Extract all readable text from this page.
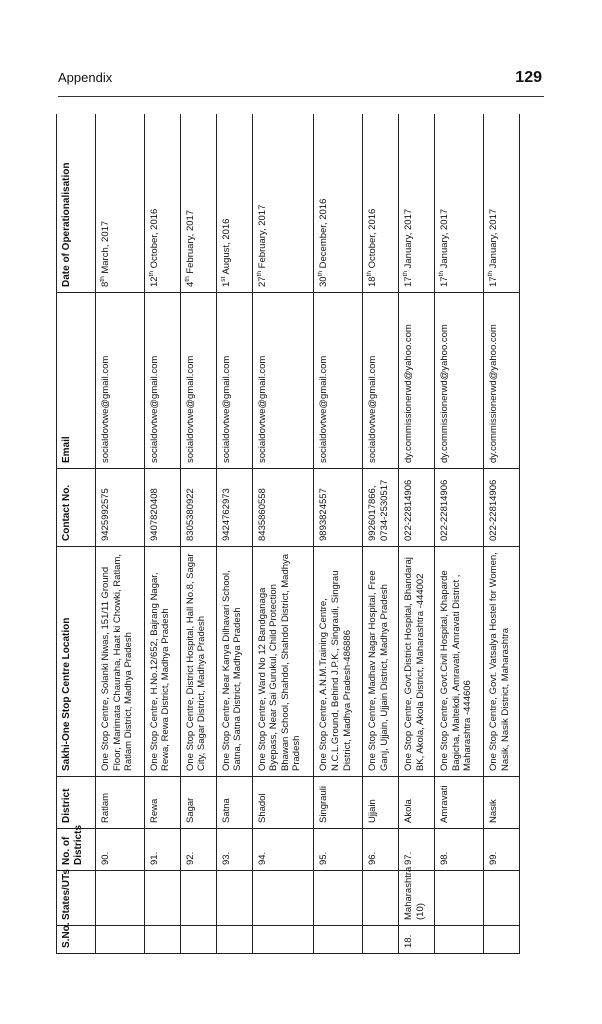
Appendix	129
S.No.	States/UTs	No. of Districts	District	Sakhi-One Stop Centre Location	Contact No.	Email	Date of Operationalisation
		90.	Ratlam	One Stop Centre, Solanki Niwas, 151/11 Ground Floor, Marimata Chauraha, Haat ki Chowki, Ratlam, Ratlam District, Madhya Pradesh	9425992575	socialdovtwe@gmail.com	8th March, 2017
		91.	Rewa	One Stop Centre, H.No.12/652, Bajrang Nagar, Rewa, Rewa District, Madhya Pradesh	9407820408	socialdovtwe@gmail.com	12th October, 2016
		92.	Sagar	One Stop Centre, District Hospital, Hall No.8, Sagar City, Sagar District, Madhya Pradesh	8305380922	socialdovtwe@gmail.com	4th February, 2017
		93.	Satna	One Stop Centre, Near Kanya Dilhavari School, Satna, Satna District, Madhya Pradesh	9424762973	socialdovtwe@gmail.com	1st August, 2016
		94.	Shadol	One Stop Centre, Ward No 12 Bandganaga Byepass, Near Sai Gurukul, Child Protection Bhawan School, Shahdol, Shahdol District, Madhya Pradesh	8435860558	socialdovtwe@gmail.com	27th February, 2017
		95.	Singrauli	One Stop Centre, A.N.M.Training Centre, N.C.L.Ground, Behind J.P.K., Singrauli, Singrau District, Madhya Pradesh-486886	9893824557	socialdovtwe@gmail.com	30th December, 2016
		96.	Ujjain	One Stop Centre, Madhav Nagar Hospital, Free Ganj, Ujjain, Ujjain District, Madhya Pradesh	9926017866, 0734-2530517	socialdovtwe@gmail.com	18th October, 2016
18.	Maharashtra (10)	97.	Akola	One Stop Centre, Govt.District Hospital, Bhandaraj BK, Akola, Akola District, Maharashtra -444002	022-22814906	dy.commissionerwd@yahoo.com	17th January, 2017
		98.	Amravati	One Stop Centre, Govt.Civil Hospital, Khaparde Bagicha, Maltekdi, Amravati, Amravati District , Maharashtra -444606	022-22814906	dy.commissionerwd@yahoo.com	17th January, 2017
		99.	Nasik	One Stop Centre, Govt. Vatsalya Hostel for Women, Nasik, Nasik District, Maharashtra	022-22814906	dy.commissionerwd@yahoo.com	17th January, 2017
